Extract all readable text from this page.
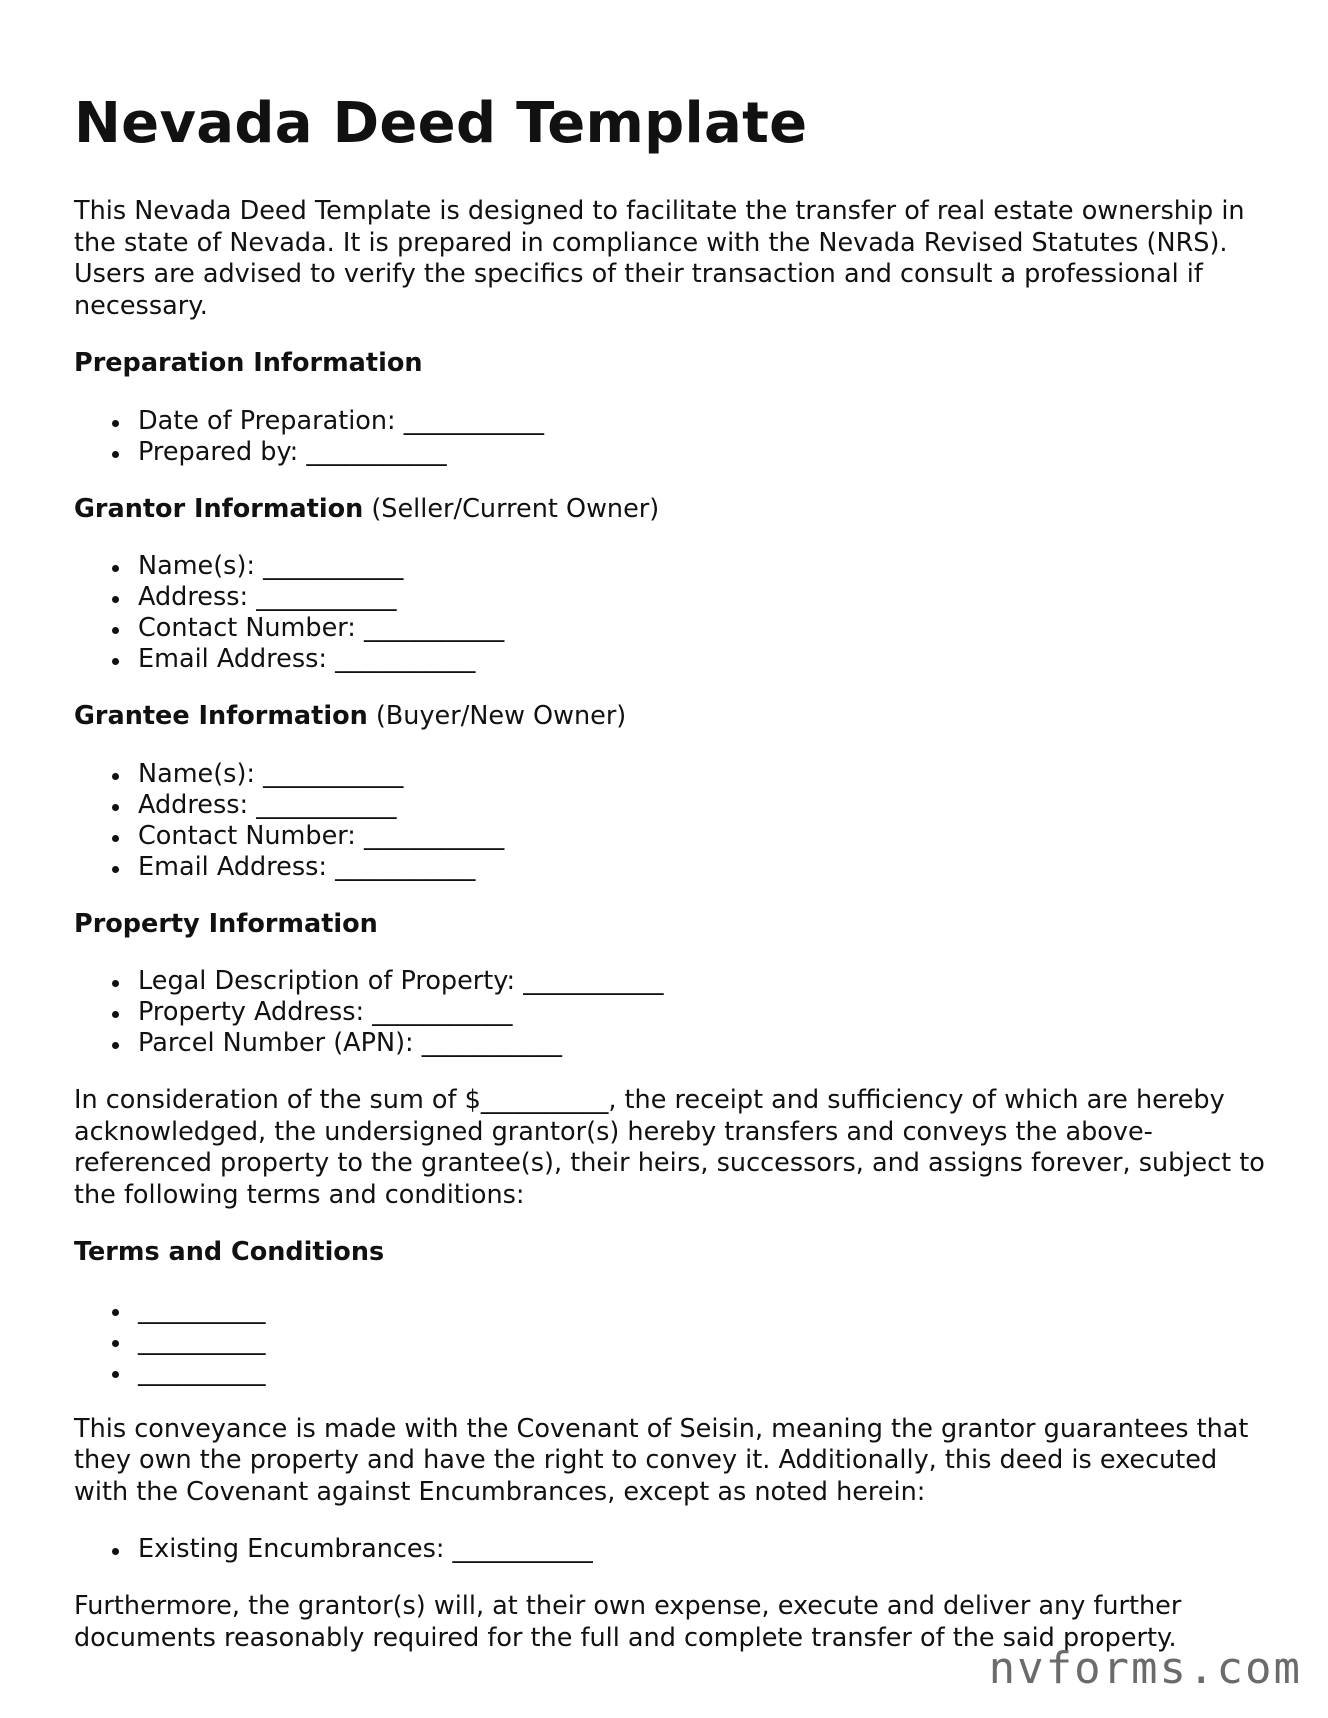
Nevada Deed Template

This Nevada Deed Template is designed to facilitate the transfer of real estate ownership in the state of Nevada. It is prepared in compliance with the Nevada Revised Statutes (NRS). Users are advised to verify the specifics of their transaction and consult a professional if necessary.

Preparation Information
Date of Preparation: ___________
Prepared by: ___________
Grantor Information (Seller/Current Owner)
Name(s): ___________
Address: ___________
Contact Number: ___________
Email Address: ___________
Grantee Information (Buyer/New Owner)
Name(s): ___________
Address: ___________
Contact Number: ___________
Email Address: ___________
Property Information
Legal Description of Property: ___________
Property Address: ___________
Parcel Number (APN): ___________

In consideration of the sum of $__________, the receipt and sufficiency of which are hereby acknowledged, the undersigned grantor(s) hereby transfers and conveys the above-referenced property to the grantee(s), their heirs, successors, and assigns forever, subject to the following terms and conditions:

Terms and Conditions
__________
__________
__________

This conveyance is made with the Covenant of Seisin, meaning the grantor guarantees that they own the property and have the right to convey it. Additionally, this deed is executed with the Covenant against Encumbrances, except as noted herein:

Existing Encumbrances: ___________

Furthermore, the grantor(s) will, at their own expense, execute and deliver any further documents reasonably required for the full and complete transfer of the said property.

nvforms.com
